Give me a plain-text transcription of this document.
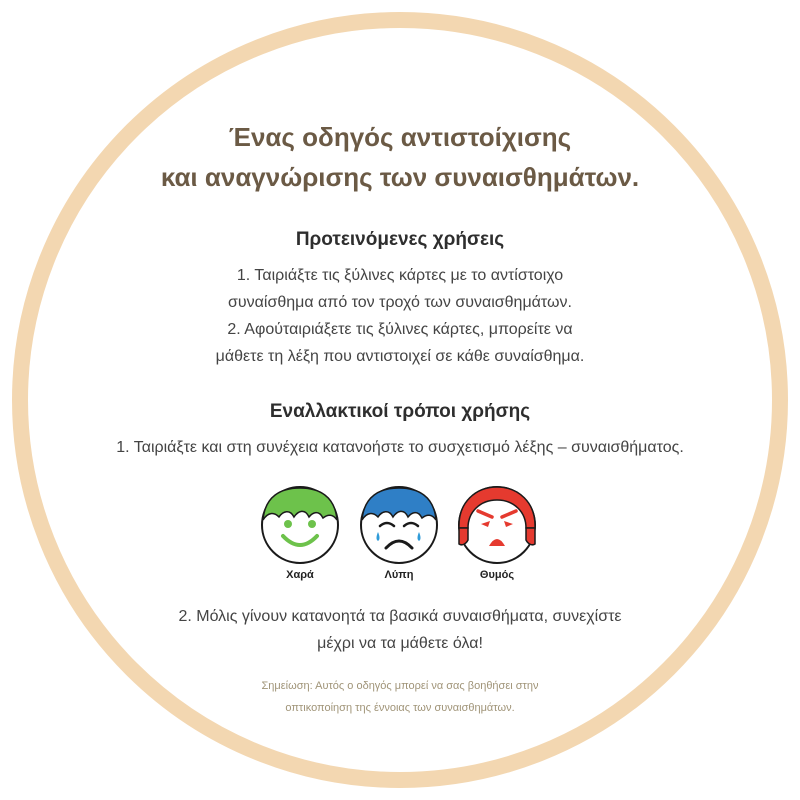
Ένας οδηγός αντιστοίχισης
και αναγνώρισης των συναισθημάτων.
Προτεινόμενες χρήσεις

1. Ταιριάξτε τις ξύλινες κάρτες με το αντίστοιχο
συναίσθημα από τον τροχό των συναισθημάτων.
2. Αφούταιριάξετε τις ξύλινες κάρτες, μπορείτε να
μάθετε τη λέξη που αντιστοιχεί σε κάθε συναίσθημα.

Εναλλακτικοί τρόποι χρήσης

1. Ταιριάξτε και στη συνέχεια κατανοήστε το συσχετισμό λέξης – συναισθήματος.

Χαρά	Λύπη	Θυμός

2. Μόλις γίνουν κατανοητά τα βασικά συναισθήματα, συνεχίστε
μέχρι να τα μάθετε όλα!

Σημείωση: Αυτός ο οδηγός μπορεί να σας βοηθήσει στην
οπτικοποίηση της έννοιας των συναισθημάτων.
